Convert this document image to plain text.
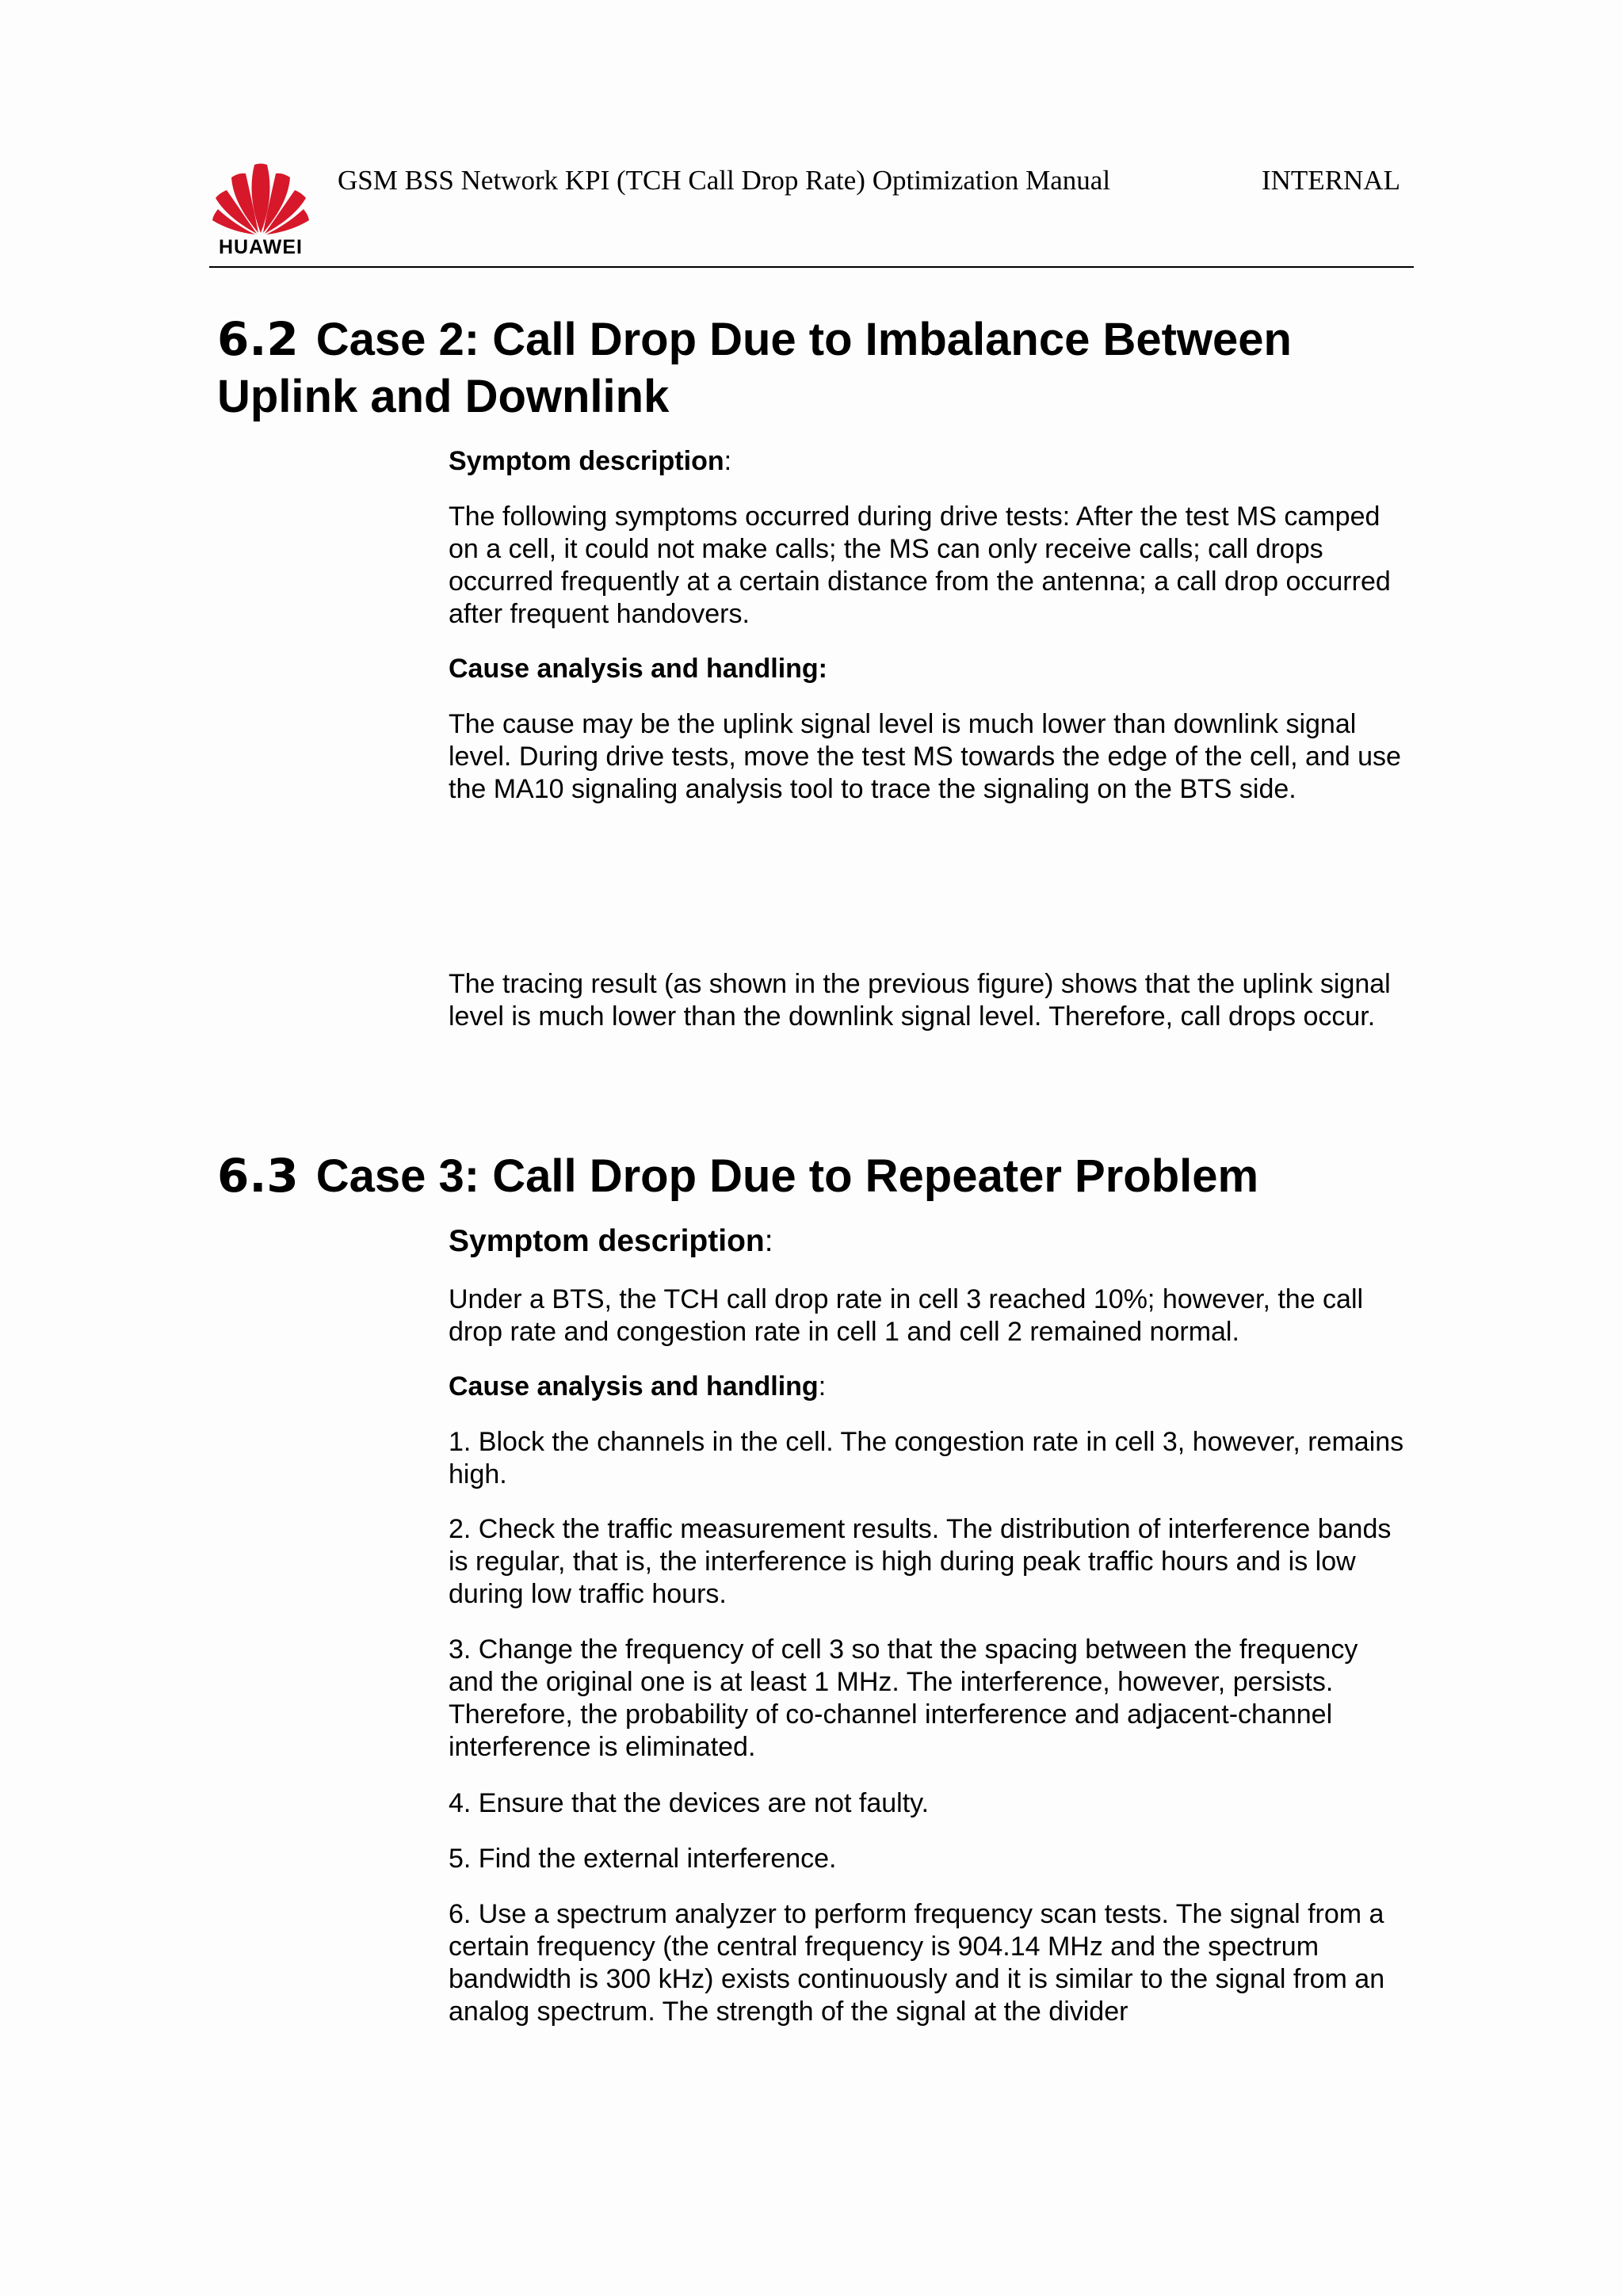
HUAWEI
GSM BSS Network KPI (TCH Call Drop Rate) Optimization Manual	INTERNAL
6.2 Case 2: Call Drop Due to Imbalance Between
Uplink and Downlink
Symptom description:
The following symptoms occurred during drive tests: After the test MS camped on a cell, it could not make calls; the MS can only receive calls; call drops occurred frequently at a certain distance from the antenna; a call drop occurred after frequent handovers.
Cause analysis and handling:
The cause may be the uplink signal level is much lower than downlink signal level. During drive tests, move the test MS towards the edge of the cell, and use the MA10 signaling analysis tool to trace the signaling on the BTS side.
The tracing result (as shown in the previous figure) shows that the uplink signal level is much lower than the downlink signal level. Therefore, call drops occur.
6.3 Case 3: Call Drop Due to Repeater Problem
Symptom description:
Under a BTS, the TCH call drop rate in cell 3 reached 10%; however, the call drop rate and congestion rate in cell 1 and cell 2 remained normal.
Cause analysis and handling:
1. Block the channels in the cell. The congestion rate in cell 3, however, remains high.
2. Check the traffic measurement results. The distribution of interference bands is regular, that is, the interference is high during peak traffic hours and is low during low traffic hours.
3. Change the frequency of cell 3 so that the spacing between the frequency and the original one is at least 1 MHz. The interference, however, persists. Therefore, the probability of co-channel interference and adjacent-channel interference is eliminated.
4. Ensure that the devices are not faulty.
5. Find the external interference.
6. Use a spectrum analyzer to perform frequency scan tests. The signal from a certain frequency (the central frequency is 904.14 MHz and the spectrum bandwidth is 300 kHz) exists continuously and it is similar to the signal from an analog spectrum. The strength of the signal at the divider
